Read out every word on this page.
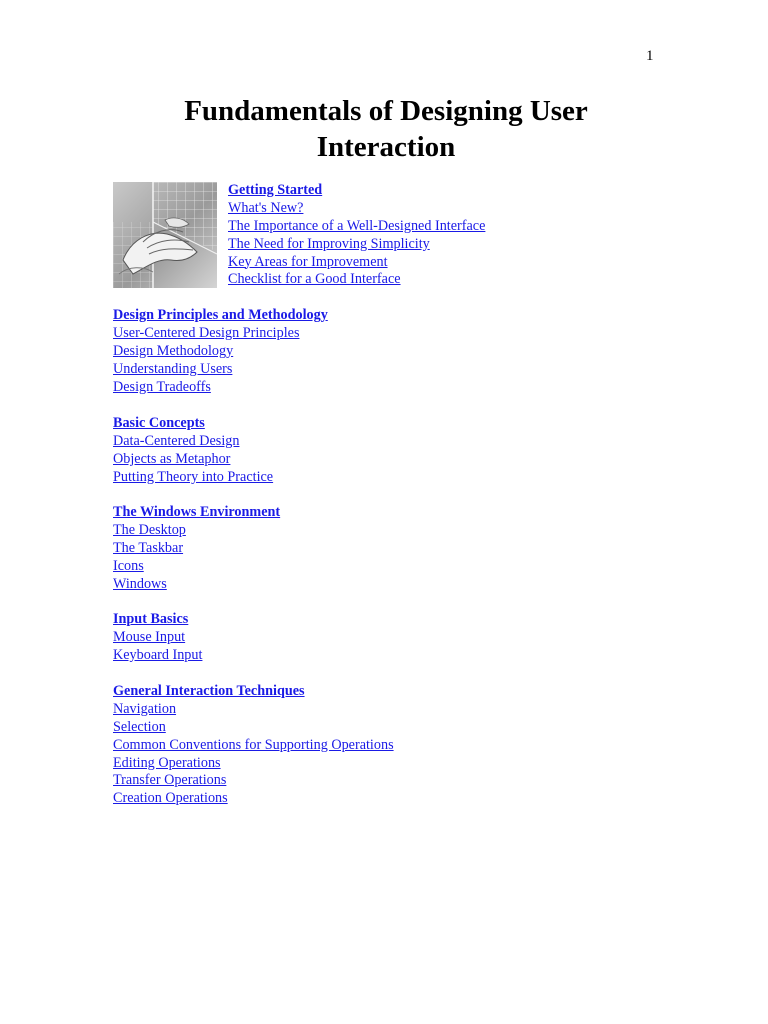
1
Fundamentals of Designing User
Interaction
Getting Started
What's New?
The Importance of a Well-Designed Interface
The Need for Improving Simplicity
Key Areas for Improvement
Checklist for a Good Interface
Design Principles and Methodology
User-Centered Design Principles
Design Methodology
Understanding Users
Design Tradeoffs
Basic Concepts
Data-Centered Design
Objects as Metaphor
Putting Theory into Practice
The Windows Environment
The Desktop
The Taskbar
Icons
Windows
Input Basics
Mouse Input
Keyboard Input
General Interaction Techniques
Navigation
Selection
Common Conventions for Supporting Operations
Editing Operations
Transfer Operations
Creation Operations
